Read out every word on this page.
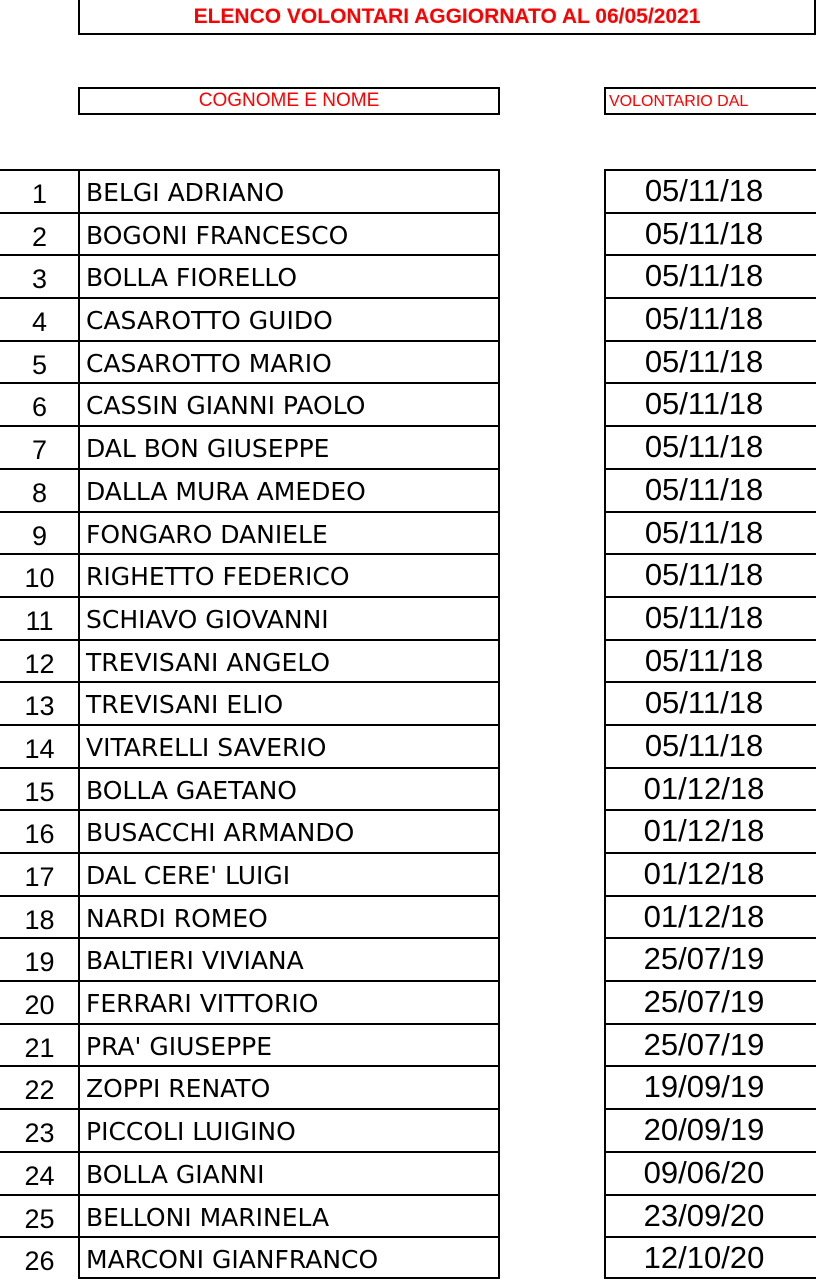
ELENCO VOLONTARI AGGIORNATO AL 06/05/2021
COGNOME E NOME	VOLONTARIO DAL
1	BELGI ADRIANO	05/11/18
2	BOGONI FRANCESCO	05/11/18
3	BOLLA FIORELLO	05/11/18
4	CASAROTTO GUIDO	05/11/18
5	CASAROTTO MARIO	05/11/18
6	CASSIN GIANNI PAOLO	05/11/18
7	DAL BON GIUSEPPE	05/11/18
8	DALLA MURA AMEDEO	05/11/18
9	FONGARO DANIELE	05/11/18
10	RIGHETTO FEDERICO	05/11/18
11	SCHIAVO GIOVANNI	05/11/18
12	TREVISANI ANGELO	05/11/18
13	TREVISANI ELIO	05/11/18
14	VITARELLI SAVERIO	05/11/18
15	BOLLA GAETANO	01/12/18
16	BUSACCHI ARMANDO	01/12/18
17	DAL CERE' LUIGI	01/12/18
18	NARDI ROMEO	01/12/18
19	BALTIERI VIVIANA	25/07/19
20	FERRARI VITTORIO	25/07/19
21	PRA' GIUSEPPE	25/07/19
22	ZOPPI RENATO	19/09/19
23	PICCOLI LUIGINO	20/09/19
24	BOLLA GIANNI	09/06/20
25	BELLONI MARINELA	23/09/20
26	MARCONI GIANFRANCO	12/10/20
